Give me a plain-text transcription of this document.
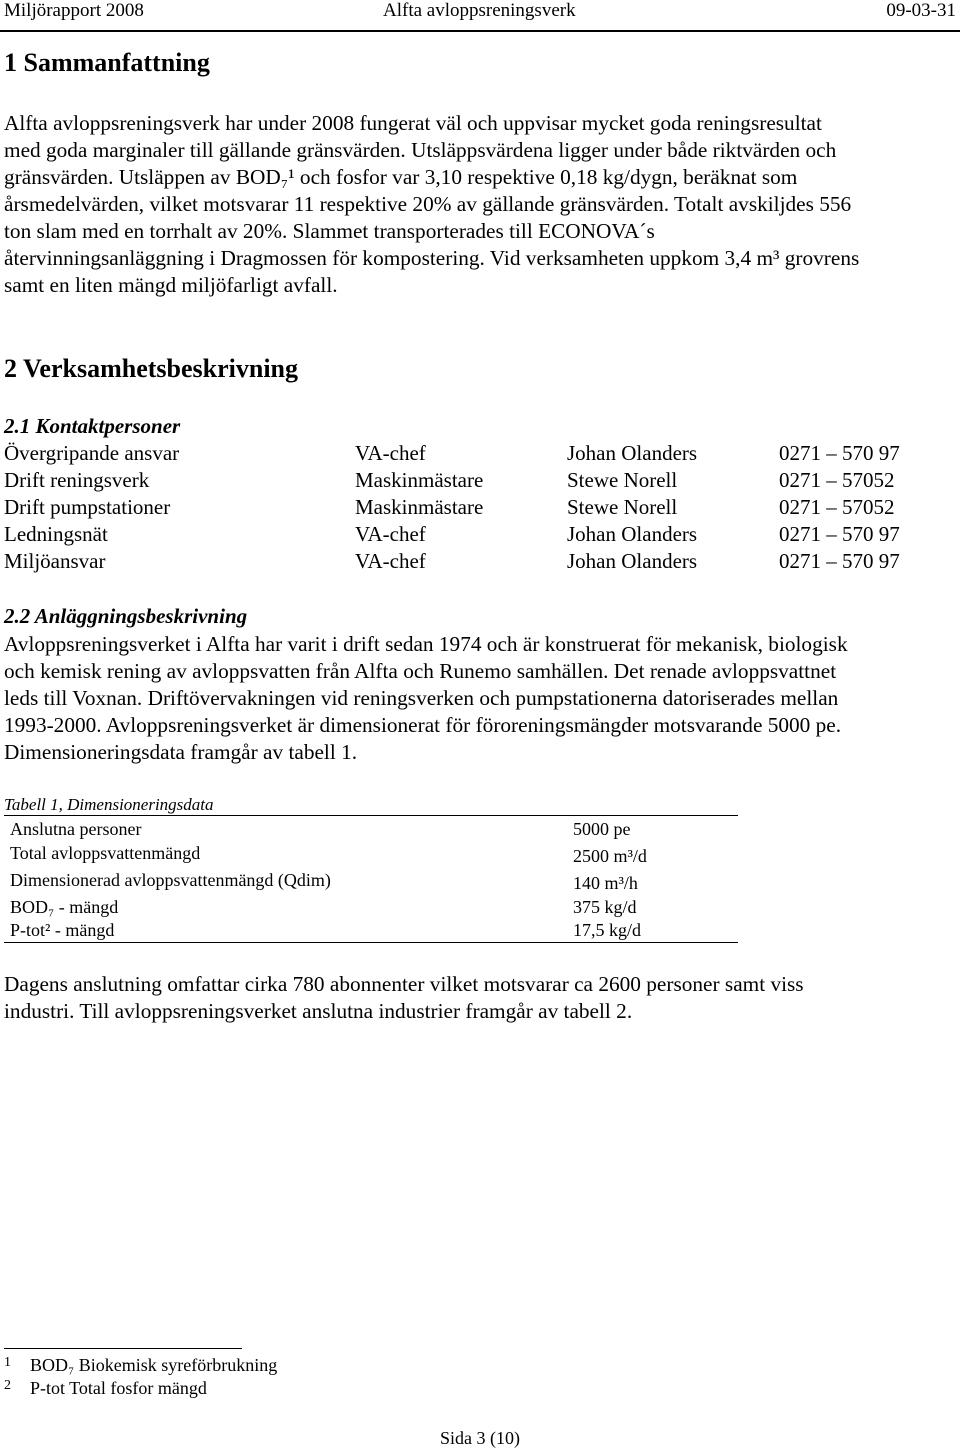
Miljörapport 2008	Alfta avloppsreningsverk	09-03-31
1 Sammanfattning
Alfta avloppsreningsverk har under 2008 fungerat väl och uppvisar mycket goda reningsresultat
med goda marginaler till gällande gränsvärden. Utsläppsvärdena ligger under både riktvärden och
gränsvärden. Utsläppen av BOD₇¹ och fosfor var 3,10 respektive 0,18 kg/dygn, beräknat som
årsmedelvärden, vilket motsvarar 11 respektive 20% av gällande gränsvärden. Totalt avskiljdes 556
ton slam med en torrhalt av 20%. Slammet transporterades till ECONOVA´s
återvinningsanläggning i Dragmossen för kompostering. Vid verksamheten uppkom 3,4 m³ grovrens
samt en liten mängd miljöfarligt avfall.
2 Verksamhetsbeskrivning
2.1 Kontaktpersoner
Övergripande ansvar	VA-chef	Johan Olanders	0271 – 570 97
Drift reningsverk	Maskinmästare	Stewe Norell	0271 – 57052
Drift pumpstationer	Maskinmästare	Stewe Norell	0271 – 57052
Ledningsnät	VA-chef	Johan Olanders	0271 – 570 97
Miljöansvar	VA-chef	Johan Olanders	0271 – 570 97
2.2 Anläggningsbeskrivning
Avloppsreningsverket i Alfta har varit i drift sedan 1974 och är konstruerat för mekanisk, biologisk
och kemisk rening av avloppsvatten från Alfta och Runemo samhällen. Det renade avloppsvattnet
leds till Voxnan. Driftövervakningen vid reningsverken och pumpstationerna datoriserades mellan
1993-2000. Avloppsreningsverket är dimensionerat för föroreningsmängder motsvarande 5000 pe.
Dimensioneringsdata framgår av tabell 1.
Tabell 1, Dimensioneringsdata
Anslutna personer	5000 pe
Total avloppsvattenmängd	2500 m³/d
Dimensionerad avloppsvattenmängd (Qdim)	140 m³/h
BOD₇ - mängd	375 kg/d
P-tot² - mängd	17,5 kg/d
Dagens anslutning omfattar cirka 780 abonnenter vilket motsvarar ca 2600 personer samt viss
industri. Till avloppsreningsverket anslutna industrier framgår av tabell 2.
1 BOD₇ Biokemisk syreförbrukning
2 P-tot Total fosfor mängd
Sida 3 (10)
